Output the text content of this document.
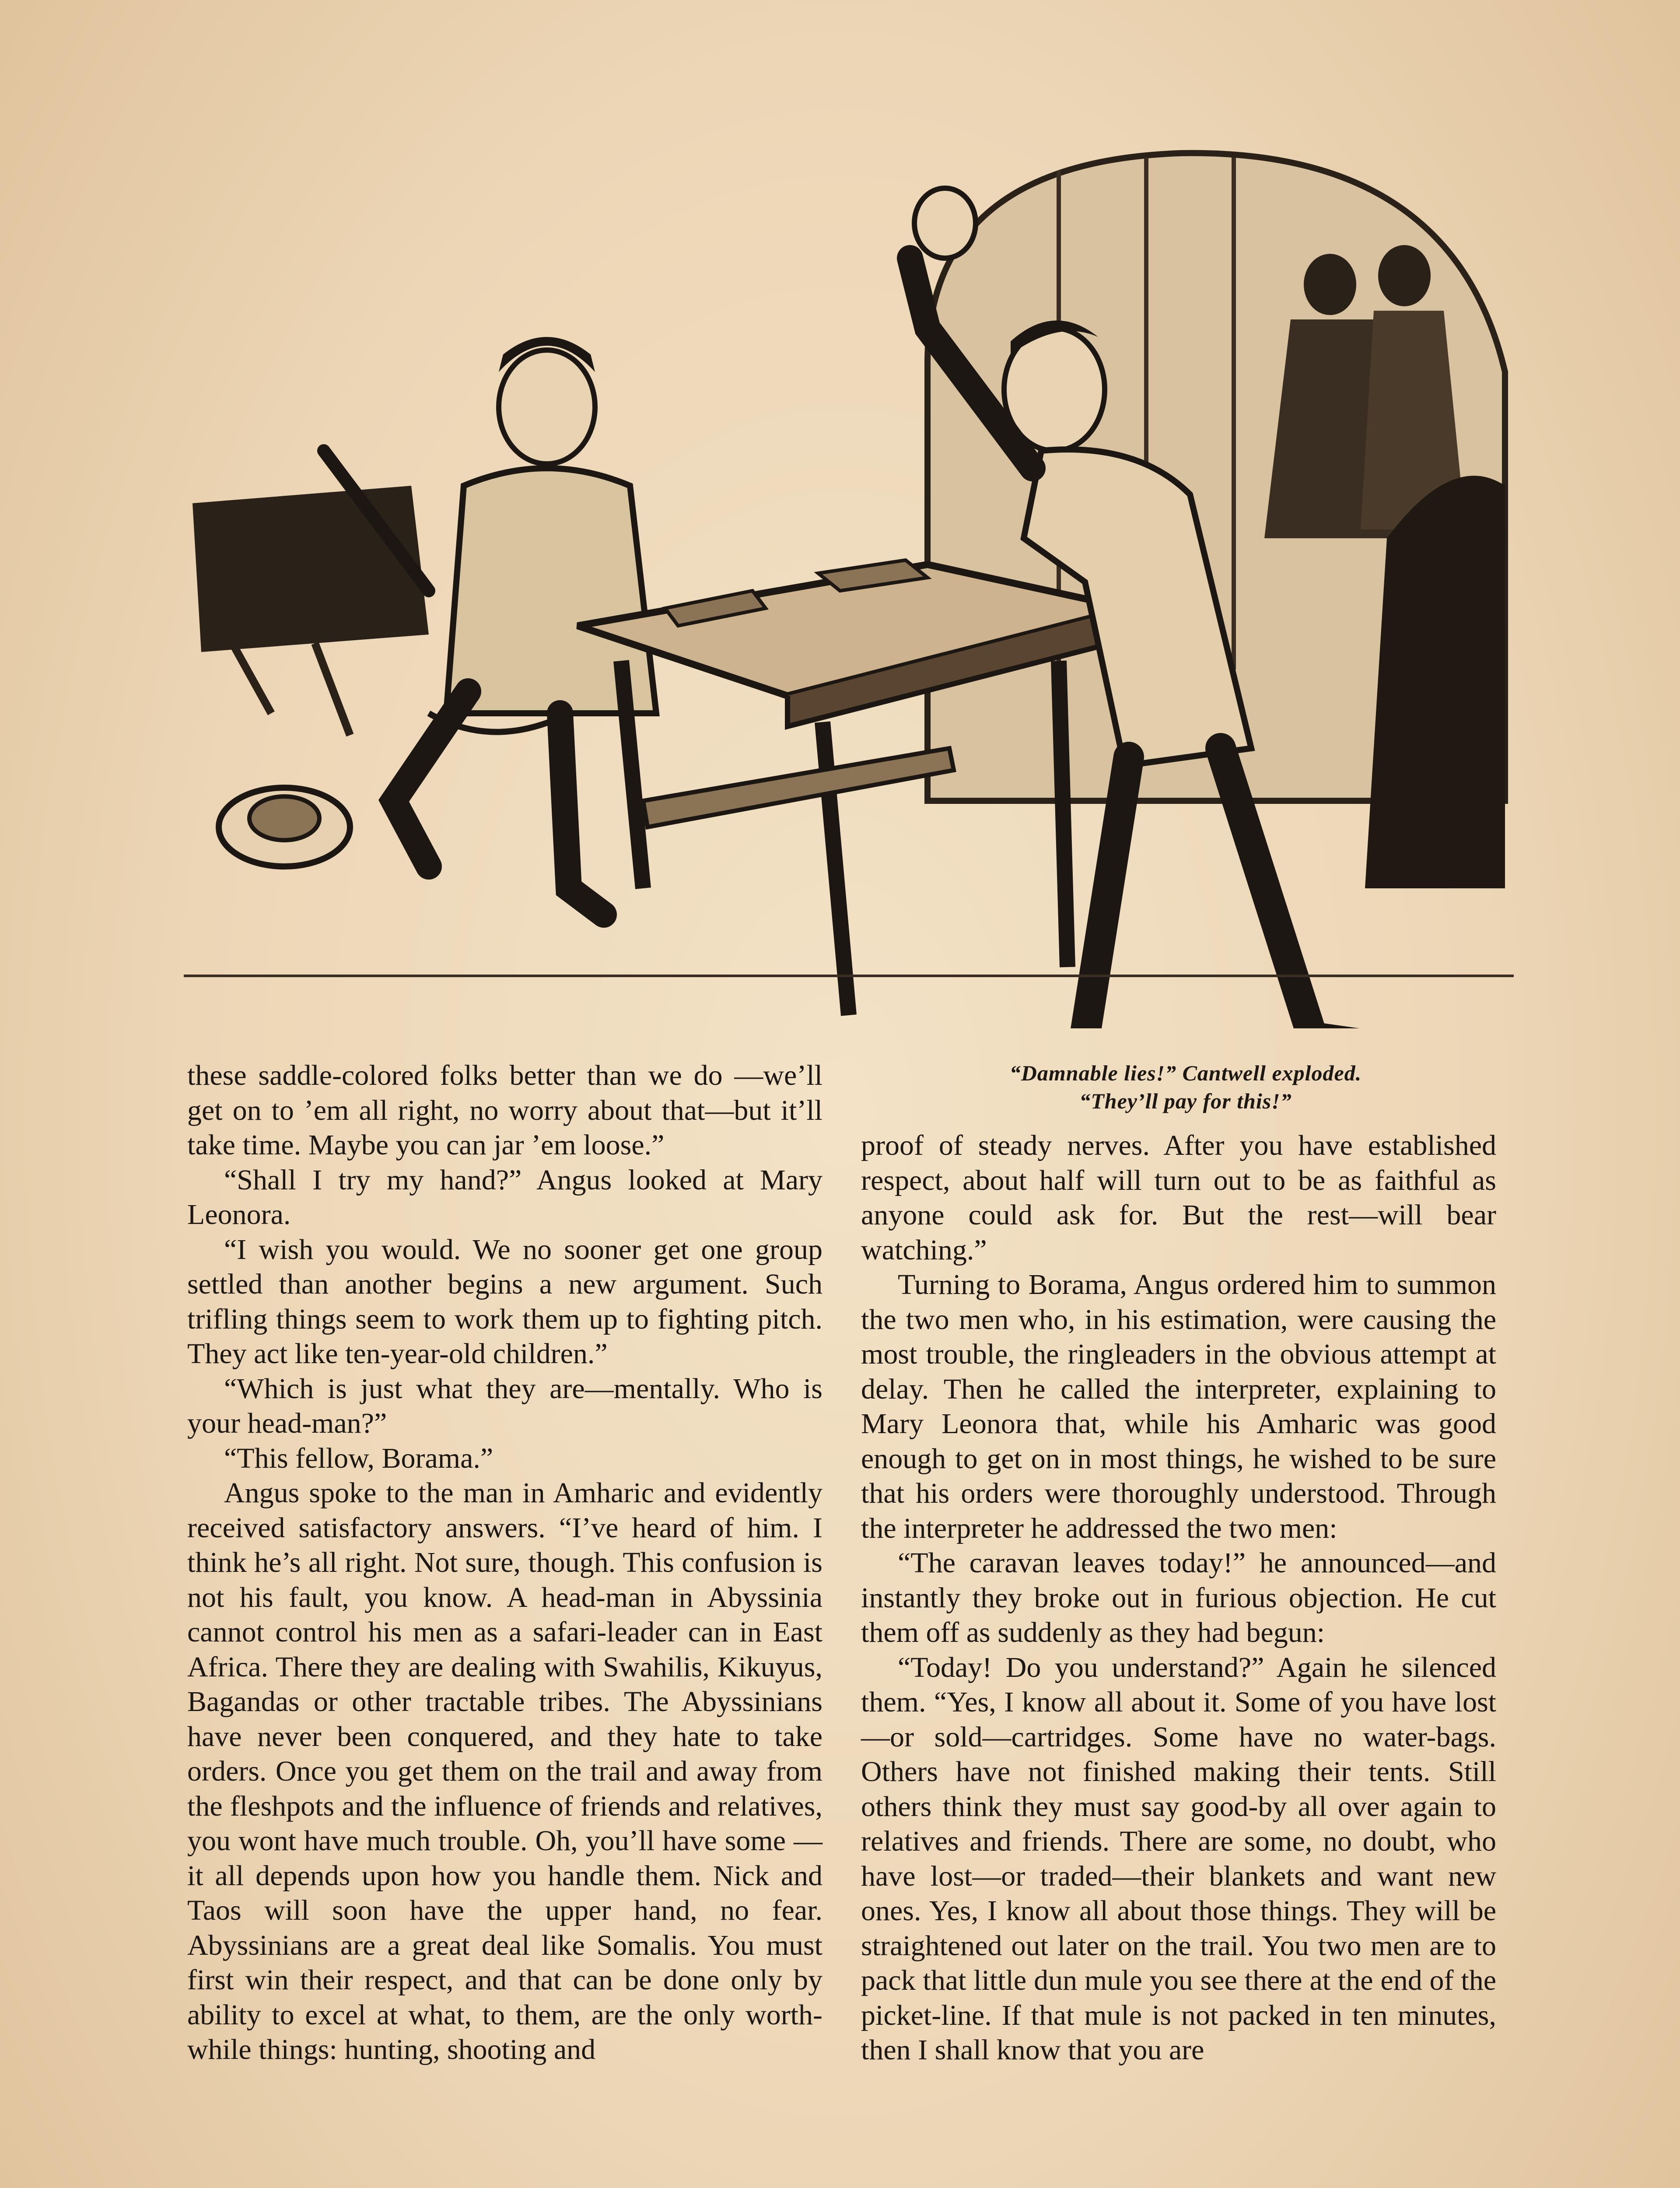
“Damnable lies!” Cantwell exploded.
“They’ll pay for this!”

these saddle-colored folks better than we do —we’ll get on to ’em all right, no worry about that—but it’ll take time. Maybe you can jar ’em loose.”

“Shall I try my hand?” Angus looked at Mary Leonora.

“I wish you would. We no sooner get one group settled than another begins a new argument. Such trifling things seem to work them up to fighting pitch. They act like ten-year-old children.”

“Which is just what they are—mentally. Who is your head-man?”

“This fellow, Borama.”

Angus spoke to the man in Amharic and evidently received satisfactory answers. “I’ve heard of him. I think he’s all right. Not sure, though. This confusion is not his fault, you know. A head-man in Abyssinia cannot control his men as a safari-leader can in East Africa. There they are dealing with Swahilis, Kikuyus, Bagandas or other tractable tribes. The Abyssinians have never been conquered, and they hate to take orders. Once you get them on the trail and away from the fleshpots and the influence of friends and relatives, you wont have much trouble. Oh, you’ll have some —it all depends upon how you handle them. Nick and Taos will soon have the upper hand, no fear. Abyssinians are a great deal like Somalis. You must first win their respect, and that can be done only by ability to excel at what, to them, are the only worth-while things: hunting, shooting and

proof of steady nerves. After you have established respect, about half will turn out to be as faithful as anyone could ask for. But the rest—will bear watching.”

Turning to Borama, Angus ordered him to summon the two men who, in his estimation, were causing the most trouble, the ringleaders in the obvious attempt at delay. Then he called the interpreter, explaining to Mary Leonora that, while his Amharic was good enough to get on in most things, he wished to be sure that his orders were thoroughly understood. Through the interpreter he addressed the two men:

“The caravan leaves today!” he announced—and instantly they broke out in furious objection. He cut them off as suddenly as they had begun:

“Today! Do you understand?” Again he silenced them. “Yes, I know all about it. Some of you have lost—or sold—cartridges. Some have no water-bags. Others have not finished making their tents. Still others think they must say good-by all over again to relatives and friends. There are some, no doubt, who have lost—or traded—their blankets and want new ones. Yes, I know all about those things. They will be straightened out later on the trail. You two men are to pack that little dun mule you see there at the end of the picket-line. If that mule is not packed in ten minutes, then I shall know that you are
